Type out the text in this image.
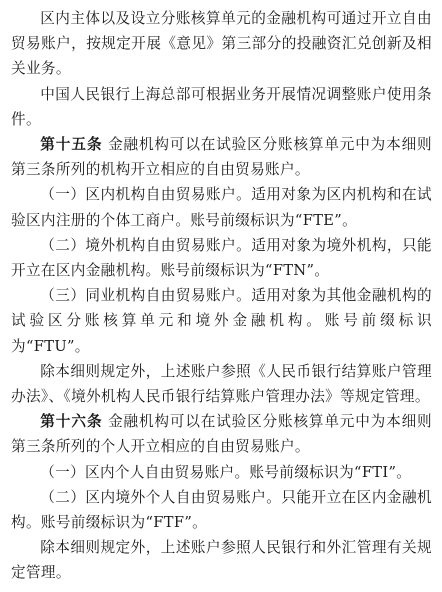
区内主体以及设立分账核算单元的金融机构可通过开立自由贸易账户，按规定开展《意见》第三部分的投融资汇兑创新及相关业务。

中国人民银行上海总部可根据业务开展情况调整账户使用条件。

第十五条 金融机构可以在试验区分账核算单元中为本细则第三条所列的机构开立相应的自由贸易账户。

（一）区内机构自由贸易账户。适用对象为区内机构和在试验区内注册的个体工商户。账号前缀标识为“FTE”。

（二）境外机构自由贸易账户。适用对象为境外机构，只能开立在区内金融机构。账号前缀标识为“FTN”。

（三）同业机构自由贸易账户。适用对象为其他金融机构的试验区分账核算单元和境外金融机构。账号前缀标识为“FTU”。

除本细则规定外，上述账户参照《人民币银行结算账户管理办法》、《境外机构人民币银行结算账户管理办法》等规定管理。

第十六条 金融机构可以在试验区分账核算单元中为本细则第三条所列的个人开立相应的自由贸易账户。

（一）区内个人自由贸易账户。账号前缀标识为“FTI”。

（二）区内境外个人自由贸易账户。只能开立在区内金融机构。账号前缀标识为“FTF”。

除本细则规定外，上述账户参照人民银行和外汇管理有关规定管理。
